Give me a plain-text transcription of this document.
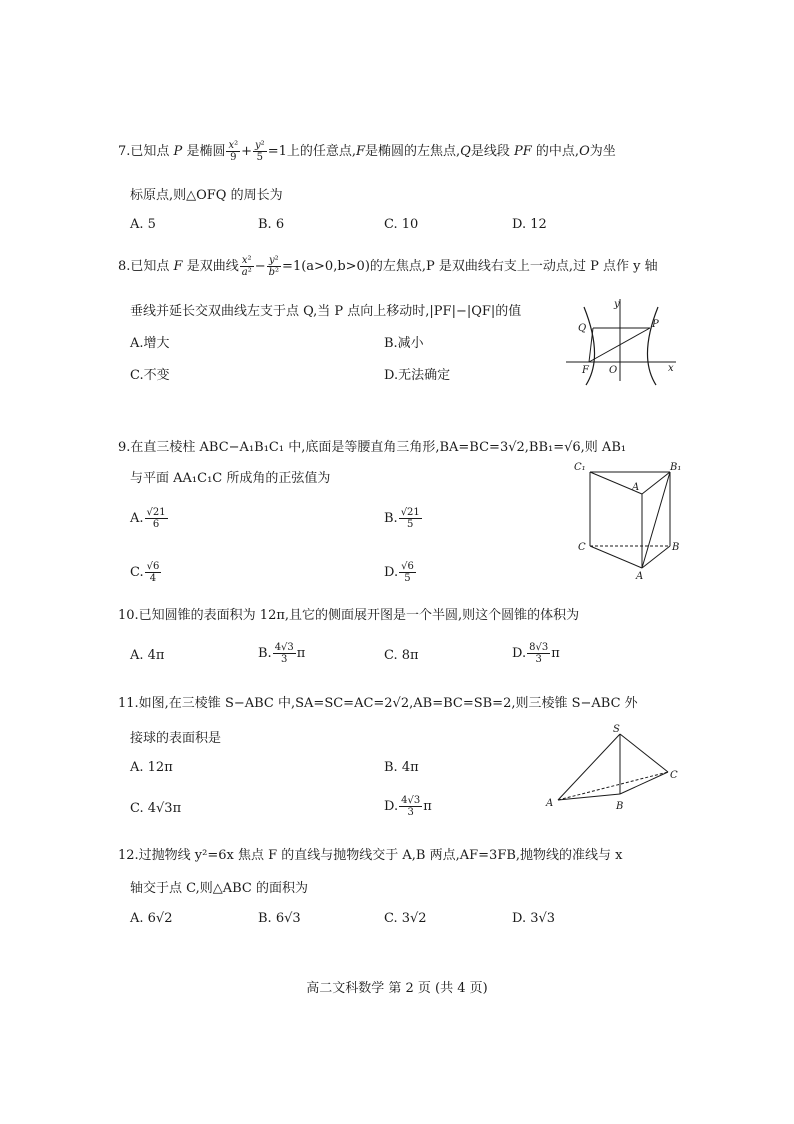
7.已知点 P 是椭圆 $\frac{\text{x²}}{9} + \frac{\text{y²}}{5} =1$上的任意点,F是椭圆的左焦点,Q是线段 PF 的中点,O为坐
标原点,则△OFQ 的周长为
A. 5	B. 6	C. 10	D. 12
8.已知点 F 是双曲线 $\frac{\text{x²}}{\text{a²}} - \frac{\text{y²}}{\text{b²}} =1(a>0,b>0)$的左焦点,P 是双曲线右支上一动点,过 P 点作 y 轴
垂线并延长交双曲线左支于点 Q,当 P 点向上移动时,|PF|−|QF|的值
A.增大	B.减小
C.不变	D.无法确定
y
x
Q	P
F O
9.在直三棱柱 ABC−A₁B₁C₁ 中,底面是等腰直角三角形,BA=BC=3√2,BB₁=√6,则 AB₁
与平面 AA₁C₁C 所成角的正弦值为
A. $\frac{√21}{6}$	B. $\frac{√21}{5}$
C. $\frac{√6}{4}$	D. $\frac{√6}{5}$
C₁
A
B₁
C	B
A
10.已知圆锥的表面积为 12π,且它的侧面展开图是一个半圆,则这个圆锥的体积为
A. 4π	B. $\frac{4√3}{3}$ π	C. 8π	D. $\frac{8√3}{3}$ π
11.如图,在三棱锥 S−ABC 中,SA=SC=AC=2√2,AB=BC=SB=2,则三棱锥 S−ABC 外
接球的表面积是
A. 12π	B. 4π
C. 4√3π	D. $\frac{4√3}{3}$ π
S
A	B
C
12.过抛物线 y²=6x 焦点 F 的直线与抛物线交于 A,B 两点,AF=3FB,抛物线的准线与 x
轴交于点 C,则△ABC 的面积为
A. 6√2	B. 6√3	C. 3√2	D. 3√3
高二文科数学 第 2 页 (共 4 页)
